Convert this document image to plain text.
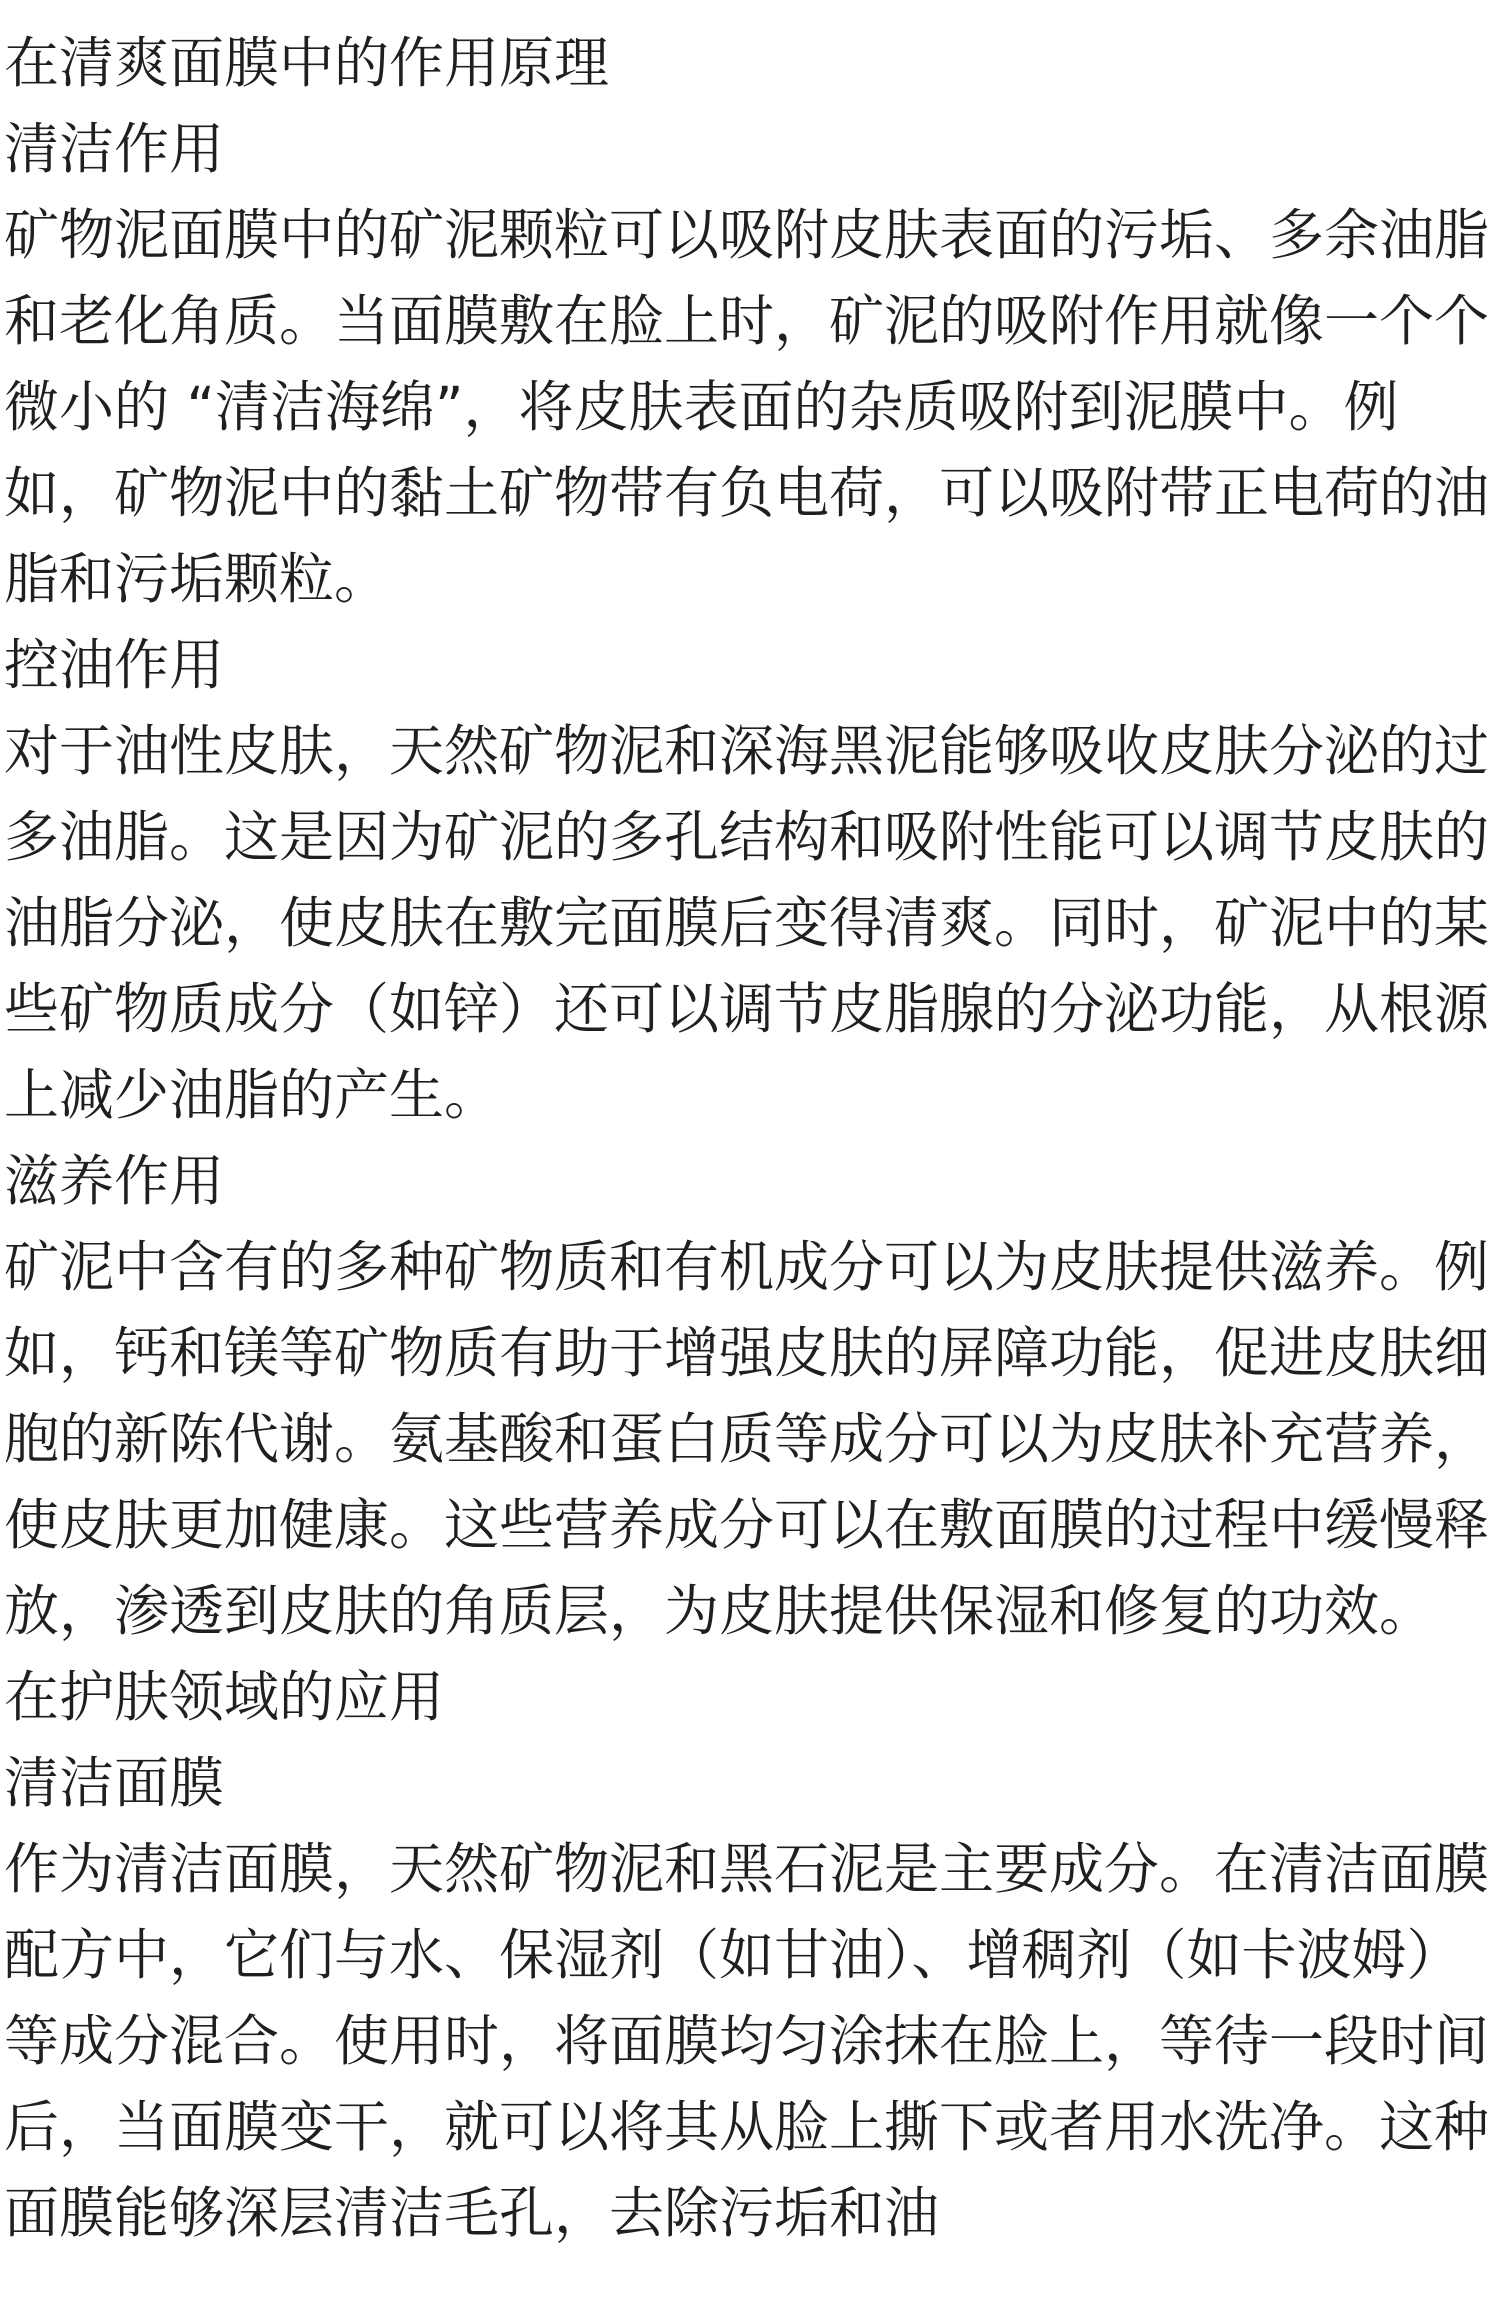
在清爽面膜中的作用原理
清洁作用

矿物泥面膜中的矿泥颗粒可以吸附皮肤表面的污垢、多余油脂和老化角质。当面膜敷在脸上时，矿泥的吸附作用就像一个个微小的 “清洁海绵”，将皮肤表面的杂质吸附到泥膜中。例如，矿物泥中的黏土矿物带有负电荷，可以吸附带正电荷的油脂和污垢颗粒。

控油作用

对于油性皮肤，天然矿物泥和深海黑泥能够吸收皮肤分泌的过多油脂。这是因为矿泥的多孔结构和吸附性能可以调节皮肤的油脂分泌，使皮肤在敷完面膜后变得清爽。同时，矿泥中的某些矿物质成分（如锌）还可以调节皮脂腺的分泌功能，从根源上减少油脂的产生。

滋养作用

矿泥中含有的多种矿物质和有机成分可以为皮肤提供滋养。例如，钙和镁等矿物质有助于增强皮肤的屏障功能，促进皮肤细胞的新陈代谢。氨基酸和蛋白质等成分可以为皮肤补充营养，使皮肤更加健康。这些营养成分可以在敷面膜的过程中缓慢释放，渗透到皮肤的角质层，为皮肤提供保湿和修复的功效。

在护肤领域的应用
清洁面膜

作为清洁面膜，天然矿物泥和黑石泥是主要成分。在清洁面膜配方中，它们与水、保湿剂（如甘油）、增稠剂（如卡波姆）等成分混合。使用时，将面膜均匀涂抹在脸上，等待一段时间后，当面膜变干，就可以将其从脸上撕下或者用水洗净。这种面膜能够深层清洁毛孔，去除污垢和油
